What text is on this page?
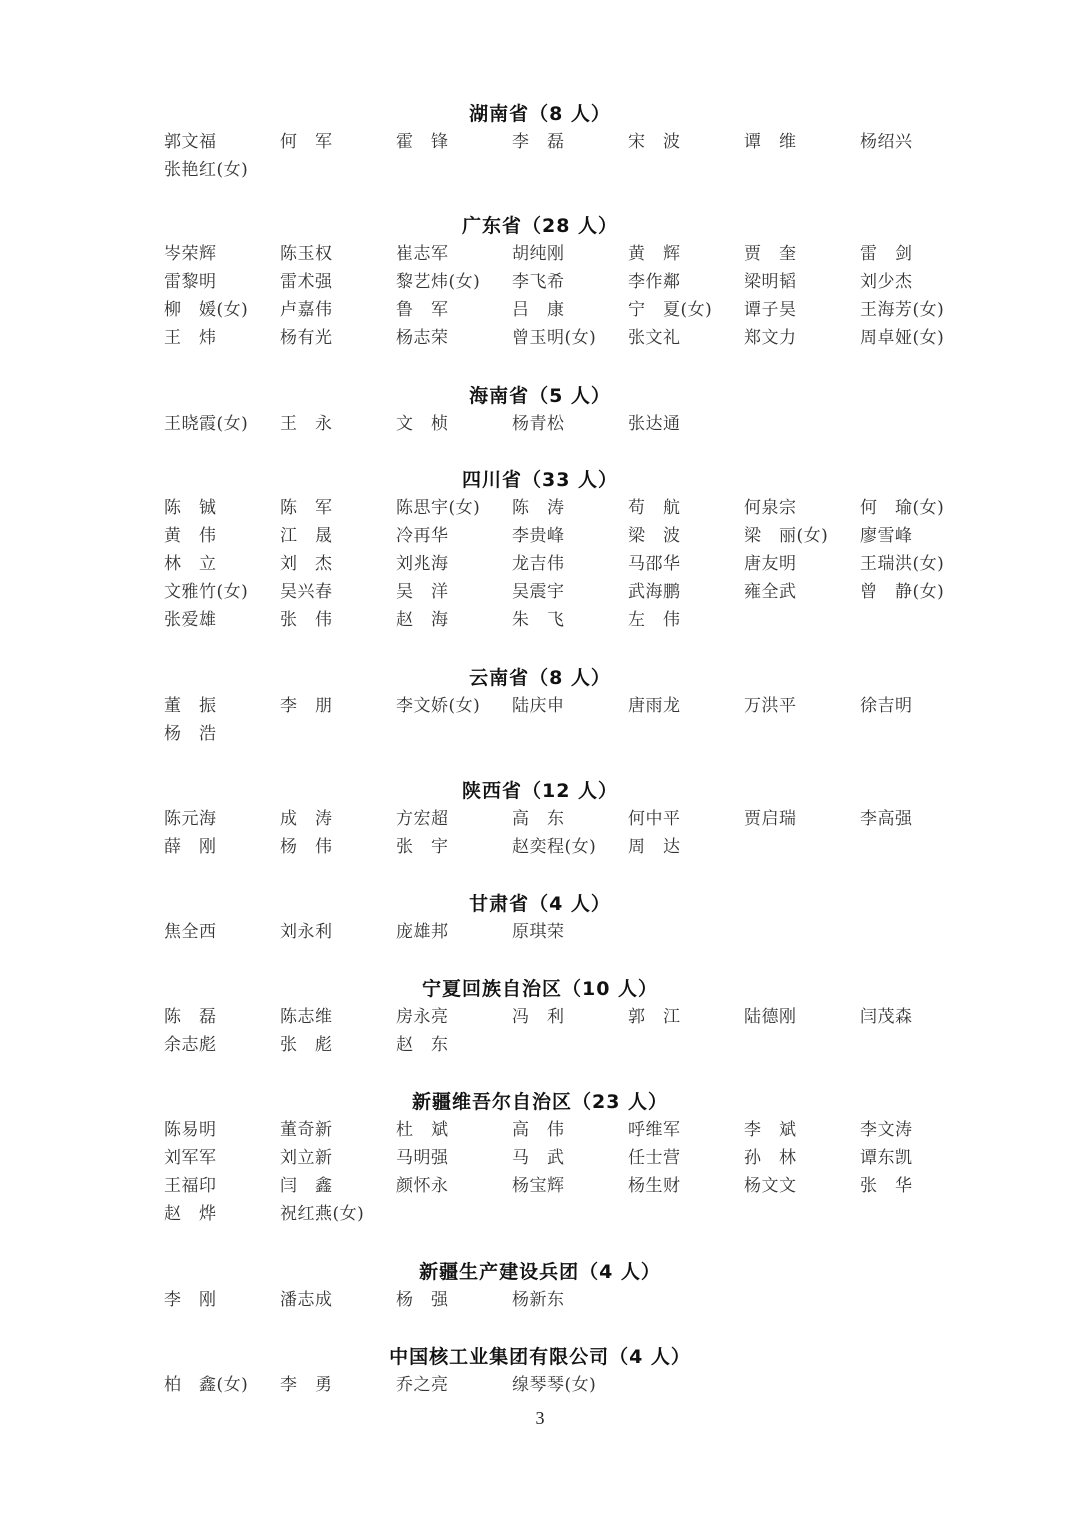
湖南省（8 人）
郭文福	何　军	霍　锋	李　磊	宋　波	谭　维	杨绍兴
张艳红(女)
广东省（28 人）
岑荣辉	陈玉权	崔志军	胡纯刚	黄　辉	贾　奎	雷　剑
雷黎明	雷术强	黎艺炜(女) 李飞希	李作鄰	梁明韬	刘少杰
柳　媛(女) 卢嘉伟	鲁　军	吕　康	宁　夏(女) 谭子昊	王海芳(女)
王　炜	杨有光	杨志荣	曾玉明(女) 张文礼	郑文力	周卓娅(女)
海南省（5 人）
王晓霞(女) 王　永	文　桢	杨青松	张达通
四川省（33 人）
陈　铖	陈　军	陈思宇(女) 陈　涛	苟　航	何泉宗	何　瑜(女)
黄　伟	江　晟	冷再华	李贵峰	梁　波	梁　丽(女) 廖雪峰
林　立	刘　杰	刘兆海	龙吉伟	马邵华	唐友明	王瑞洪(女)
文雅竹(女) 吴兴春	吴　洋	吴震宇	武海鹏	雍全武	曾　静(女)
张爱雄	张　伟	赵　海	朱　飞	左　伟
云南省（8 人）
董　振	李　朋	李文娇(女) 陆庆申	唐雨龙	万洪平	徐吉明
杨　浩
陕西省（12 人）
陈元海	成　涛	方宏超	高　东	何中平	贾启瑞	李高强
薛　刚	杨　伟	张　宇	赵奕程(女) 周　达
甘肃省（4 人）
焦全西	刘永利	庞雄邦	原琪荣
宁夏回族自治区（10 人）
陈　磊	陈志维	房永亮	冯　利	郭　江	陆德刚	闫茂森
余志彪	张　彪	赵　东
新疆维吾尔自治区（23 人）
陈易明	董奇新	杜　斌	高　伟	呼维军	李　斌	李文涛
刘军军	刘立新	马明强	马　武	任士营	孙　林	谭东凯
王福印	闫　鑫	颜怀永	杨宝辉	杨生财	杨文文	张　华
赵　烨	祝红燕(女)
新疆生产建设兵团（4 人）
李　刚	潘志成	杨　强	杨新东
中国核工业集团有限公司（4 人）
柏　鑫(女) 李　勇	乔之亮	缐琴琴(女)
3
